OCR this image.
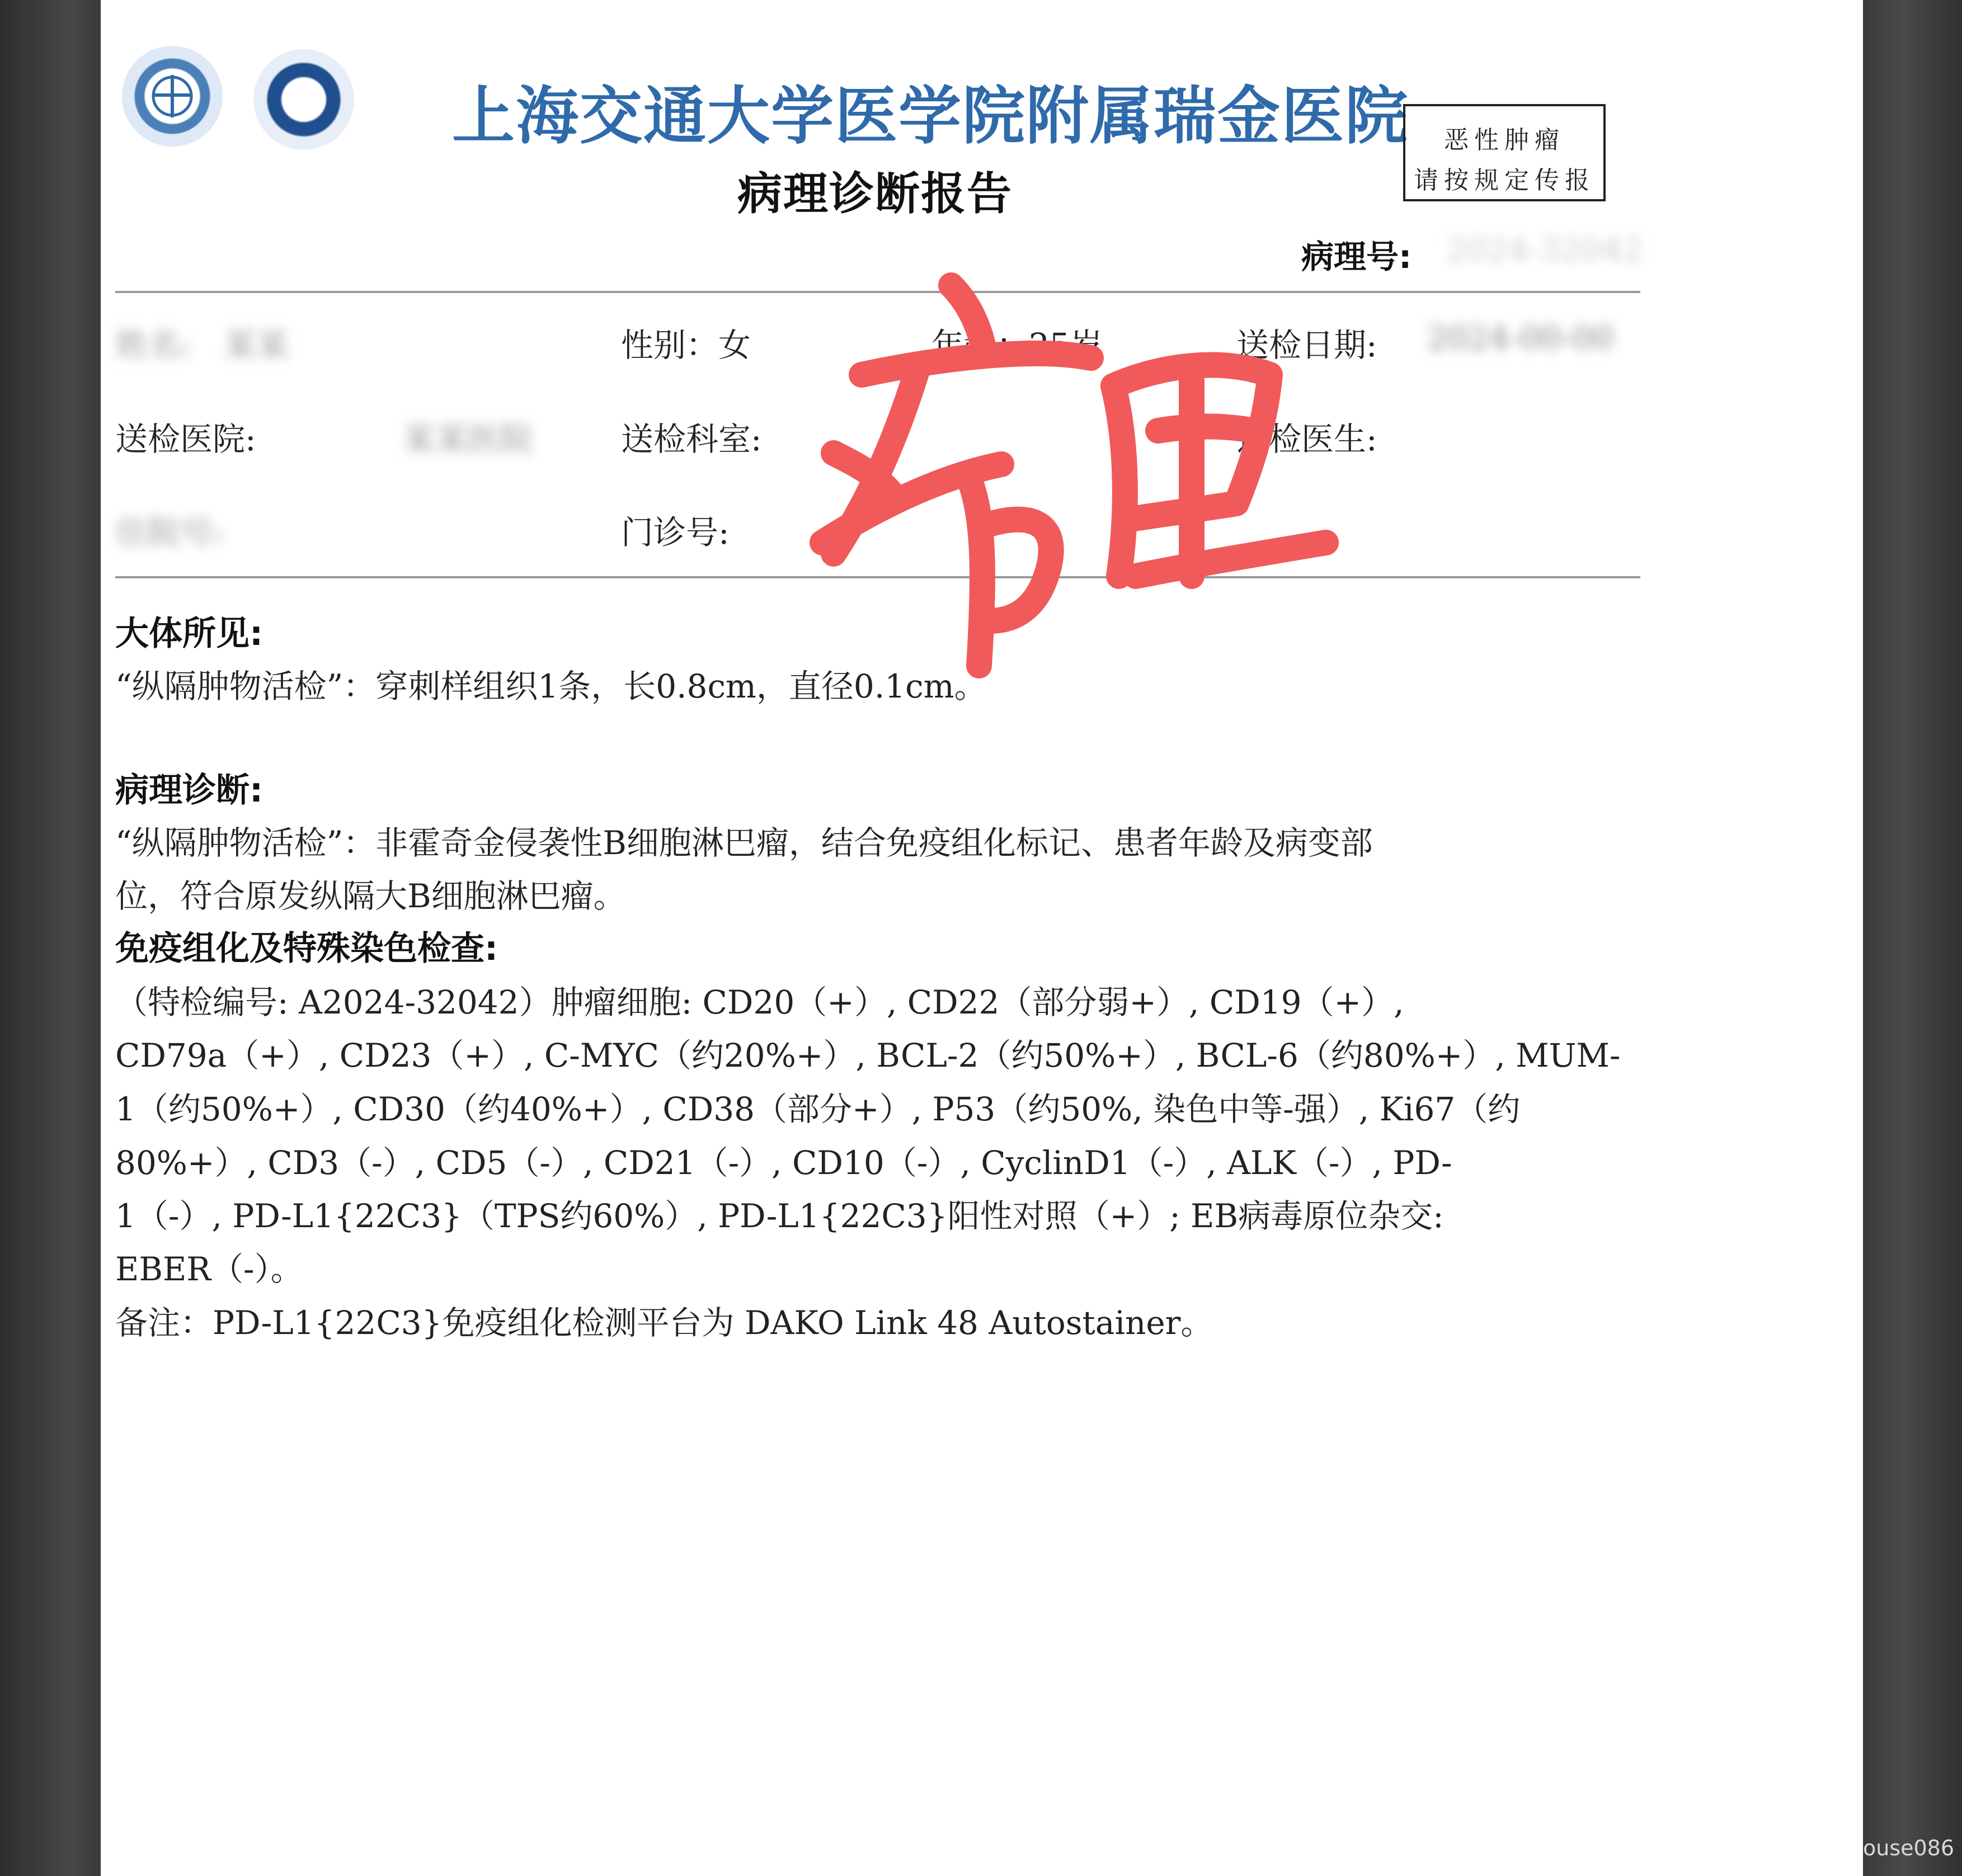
上海交通大学医学院附属瑞金医院
病理诊断报告
恶性肿瘤
请按规定传报
病理号: 2024-32042
姓名: 某某	性别：女	年龄：25岁	送检日期: 2024-00-00
送检医院:	某某医院	送检科室:	送检医生:
住院号:	门诊号:
大体所见:
“纵隔肿物活检”：穿刺样组织1条，长0.8cm，直径0.1cm。
病理诊断:
“纵隔肿物活检”：非霍奇金侵袭性B细胞淋巴瘤，结合免疫组化标记、患者年龄及病变部
位，符合原发纵隔大B细胞淋巴瘤。
免疫组化及特殊染色检查:
（特检编号: A2024-32042）肿瘤细胞: CD20（+）, CD22（部分弱+）, CD19（+）,
CD79a（+）, CD23（+）, C-MYC（约20%+）, BCL-2（约50%+）, BCL-6（约80%+）, MUM-
1（约50%+）, CD30（约40%+）, CD38（部分+）, P53（约50%, 染色中等-强）, Ki67（约
80%+）, CD3（-）, CD5（-）, CD21（-）, CD10（-）, CyclinD1（-）, ALK（-）, PD-
1（-）, PD-L1{22C3}（TPS约60%）, PD-L1{22C3}阳性对照（+）; EB病毒原位杂交:
EBER（-）。
备注：PD-L1{22C3}免疫组化检测平台为 DAKO Link 48 Autostainer。
ouse086
